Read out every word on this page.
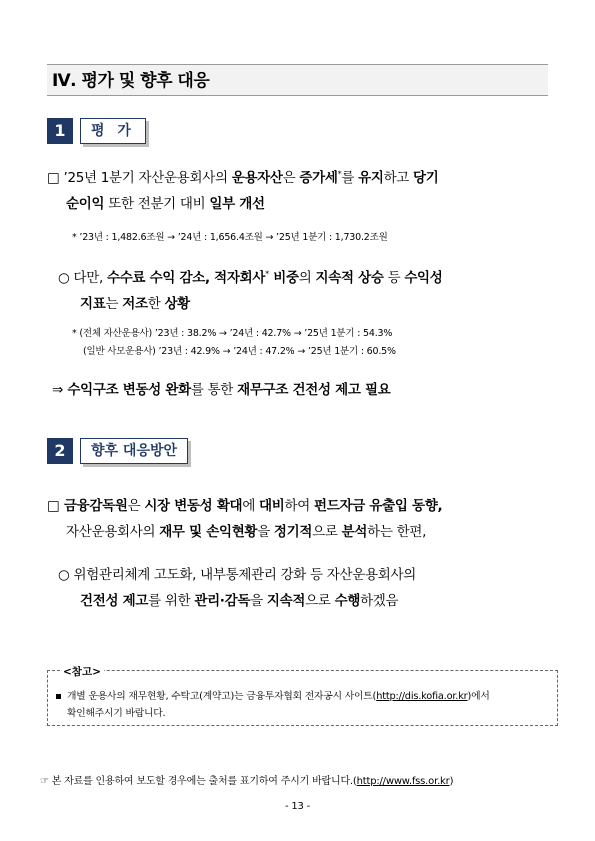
Ⅳ. 평가 및 향후 대응
1	평 가
□ ’25년 1분기 자산운용회사의 운용자산은 증가세*를 유지하고 당기
순이익 또한 전분기 대비 일부 개선
* ’23년 : 1,482.6조원 → ’24년 : 1,656.4조원 → ’25년 1분기 : 1,730.2조원
○ 다만, 수수료 수익 감소, 적자회사* 비중의 지속적 상승 등 수익성
지표는 저조한 상황
* (전체 자산운용사) ’23년 : 38.2% → ’24년 : 42.7% → ’25년 1분기 : 54.3%
(일반 사모운용사) ’23년 : 42.9% → ’24년 : 47.2% → ’25년 1분기 : 60.5%
⇒ 수익구조 변동성 완화를 통한 재무구조 건전성 제고 필요
2	향후 대응방안
□ 금융감독원은 시장 변동성 확대에 대비하여 펀드자금 유출입 동향,
자산운용회사의 재무 및 손익현황을 정기적으로 분석하는 한편,
○ 위험관리체계 고도화, 내부통제관리 강화 등 자산운용회사의
건전성 제고를 위한 관리·감독을 지속적으로 수행하겠음
<참고>
개별 운용사의 재무현황, 수탁고(계약고)는 금융투자협회 전자공시 사이트(http://dis.kofia.or.kr)에서
확인해주시기 바랍니다.
☞ 본 자료를 인용하여 보도할 경우에는 출처를 표기하여 주시기 바랍니다.(http://www.fss.or.kr)
- 13 -
